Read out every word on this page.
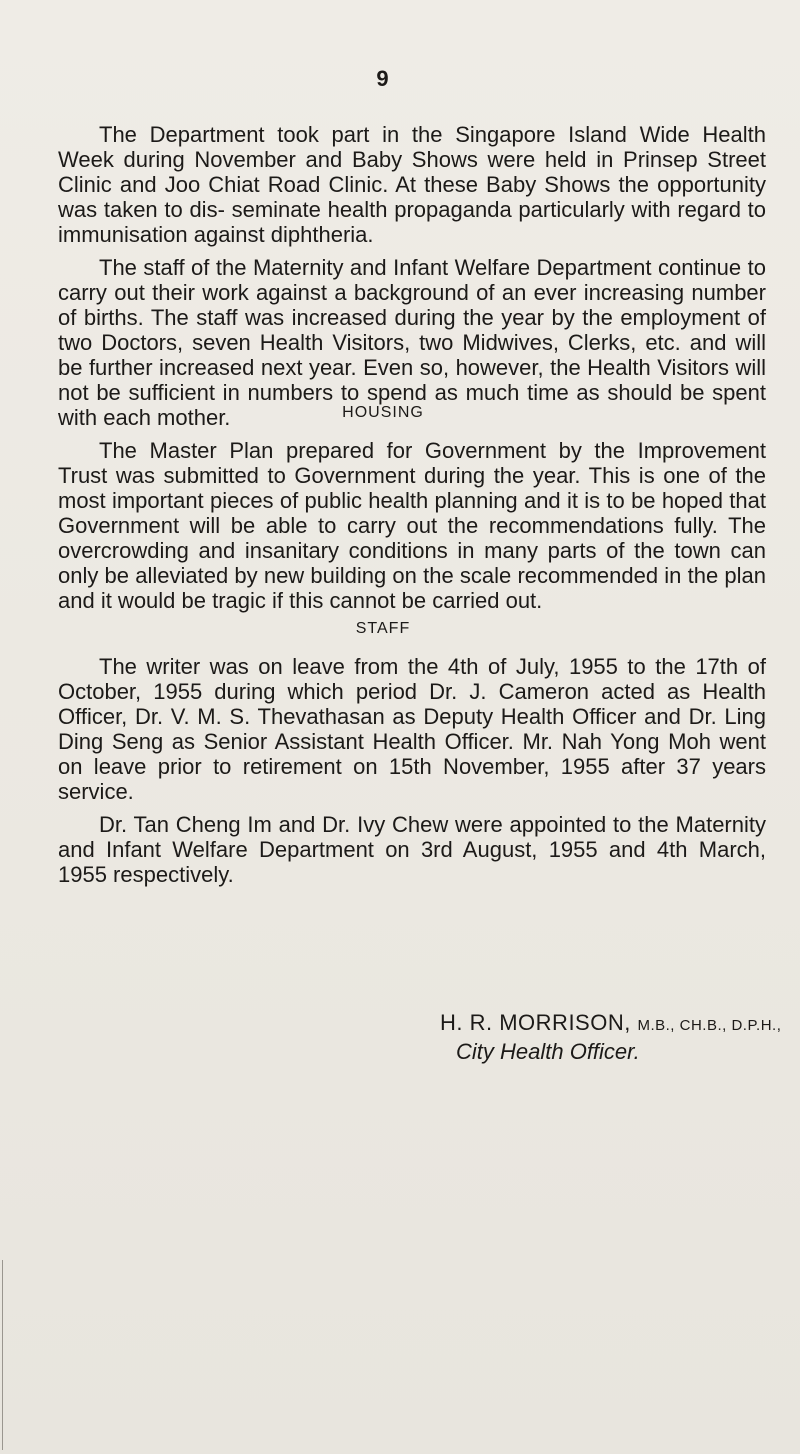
9

The Department took part in the Singapore Island Wide Health Week during November and Baby Shows were held in Prinsep Street Clinic and Joo Chiat Road Clinic. At these Baby Shows the opportunity was taken to dis- seminate health propaganda particularly with regard to immunisation against diphtheria.

The staff of the Maternity and Infant Welfare Department continue to carry out their work against a background of an ever increasing number of births. The staff was increased during the year by the employment of two Doctors, seven Health Visitors, two Midwives, Clerks, etc. and will be further increased next year. Even so, however, the Health Visitors will not be sufficient in numbers to spend as much time as should be spent with each mother.	HOUSING

The Master Plan prepared for Government by the Improvement Trust was submitted to Government during the year. This is one of the most important pieces of public health planning and it is to be hoped that Government will be able to carry out the recommendations fully. The overcrowding and insanitary conditions in many parts of the town can only be alleviated by new building on the scale recommended in the plan and it would be tragic if this cannot be carried out.

STAFF

The writer was on leave from the 4th of July, 1955 to the 17th of October, 1955 during which period Dr. J. Cameron acted as Health Officer, Dr. V. M. S. Thevathasan as Deputy Health Officer and Dr. Ling Ding Seng as Senior Assistant Health Officer. Mr. Nah Yong Moh went on leave prior to retirement on 15th November, 1955 after 37 years service.

Dr. Tan Cheng Im and Dr. Ivy Chew were appointed to the Maternity and Infant Welfare Department on 3rd August, 1955 and 4th March, 1955 respectively.

H. R. MORRISON, M.B., CH.B., D.P.H.,
City Health Officer.
